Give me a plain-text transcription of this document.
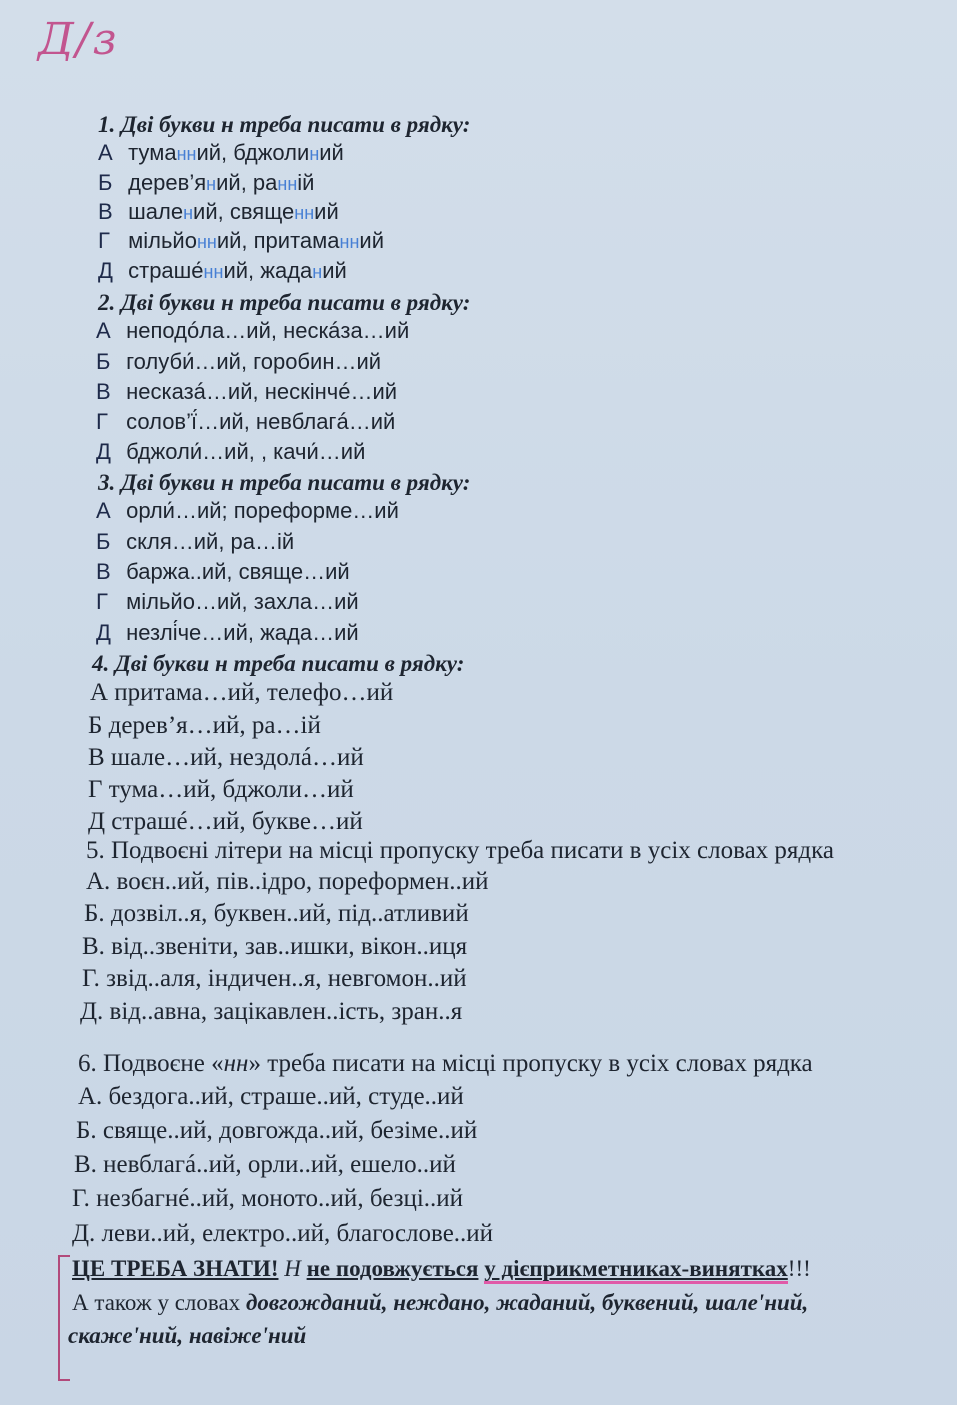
Д/з
1. Дві букви н треба писати в рядку:
А туманний, бджолиний
Б дерев’яний, ранній
В шалений, священний
Г мільйонний, притаманний
Д страше́нний, жаданий
2. Дві букви н треба писати в рядку:
А неподóла…ий, нескáза…ий
Б голуби́…ий, горобин…ий
В несказá…ий, нескінчé…ий
Г солов’ї́…ий, невблагá…ий
Д бджоли́…ий, , качи́…ий
3. Дві букви н треба писати в рядку:
А орли́…ий; пореформе…ий
Б скля…ий, ра…ій
В баржа..ий, свяще…ий
Г мільйо…ий, захла…ий
Д незлі́че…ий, жада…ий
4. Дві букви н треба писати в рядку:
А притама…ий, телефо…ий
Б дерев’я…ий, ра…ій
В шале…ий, нездолá…ий
Г тума…ий, бджоли…ий
Д страшé…ий, букве…ий
5. Подвоєні літери на місці пропуску треба писати в усіх словах рядка
А. воєн..ий, пів..ідро, пореформен..ий
Б. дозвіл..я, буквен..ий, під..атливий
В. від..звеніти, зав..ишки, вікон..иця
Г. звід..аля, індичен..я, невгомон..ий
Д. від..авна, зацікавлен..ість, зран..я
6. Подвоєне «нн» треба писати на місці пропуску в усіх словах рядка
А. бездога..ий, страше..ий, студе..ий
Б. свяще..ий, довгожда..ий, безіме..ий
В. невблагá..ий, орли..ий, ешело..ий
Г. незбагнé..ий, моното..ий, безці..ий
Д. леви..ий, електро..ий, благослове..ий
ЦЕ ТРЕБА ЗНАТИ! Н не подовжується у дієприкметниках-винятках!!!
А також у словах довгожданий, нежданo, жаданий, буквений, шале'ний,
скаже'ний, навіже'ний
